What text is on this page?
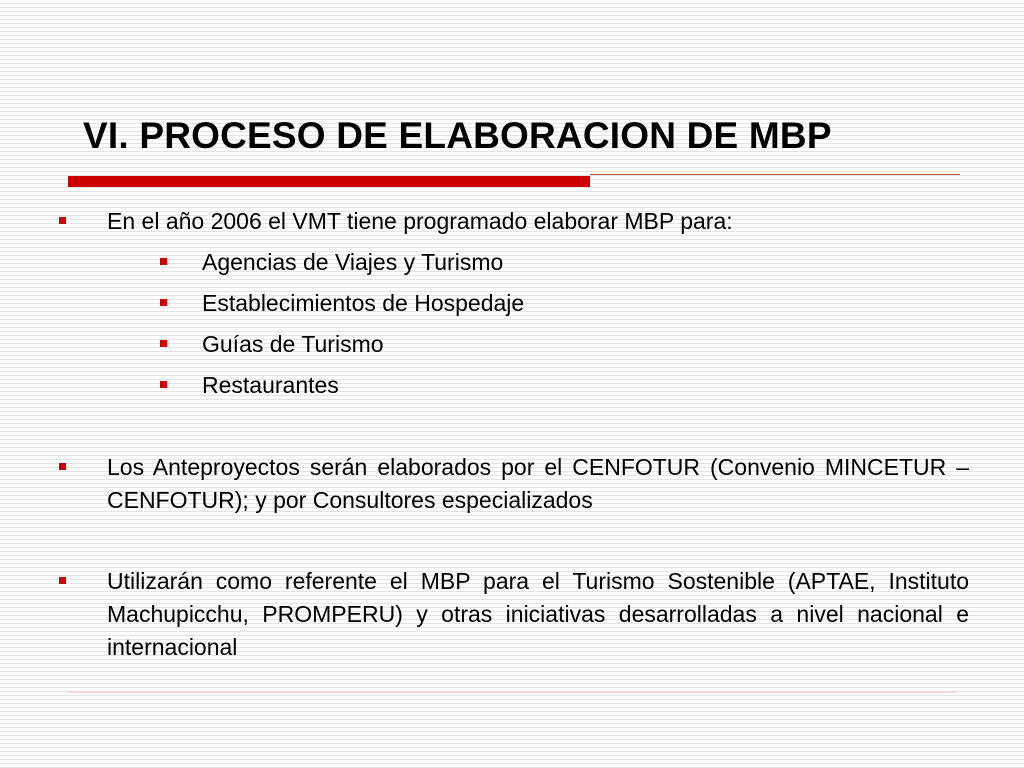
VI. PROCESO DE ELABORACION DE MBP
En el año 2006 el VMT tiene programado elaborar MBP para:
Agencias de Viajes y Turismo
Establecimientos de Hospedaje
Guías de Turismo
Restaurantes
Los Anteproyectos serán elaborados por el CENFOTUR (Convenio MINCETUR – CENFOTUR); y por Consultores especializados
Utilizarán como referente el MBP para el Turismo Sostenible (APTAE, Instituto Machupicchu, PROMPERU) y otras iniciativas desarrolladas a nivel nacional e internacional
